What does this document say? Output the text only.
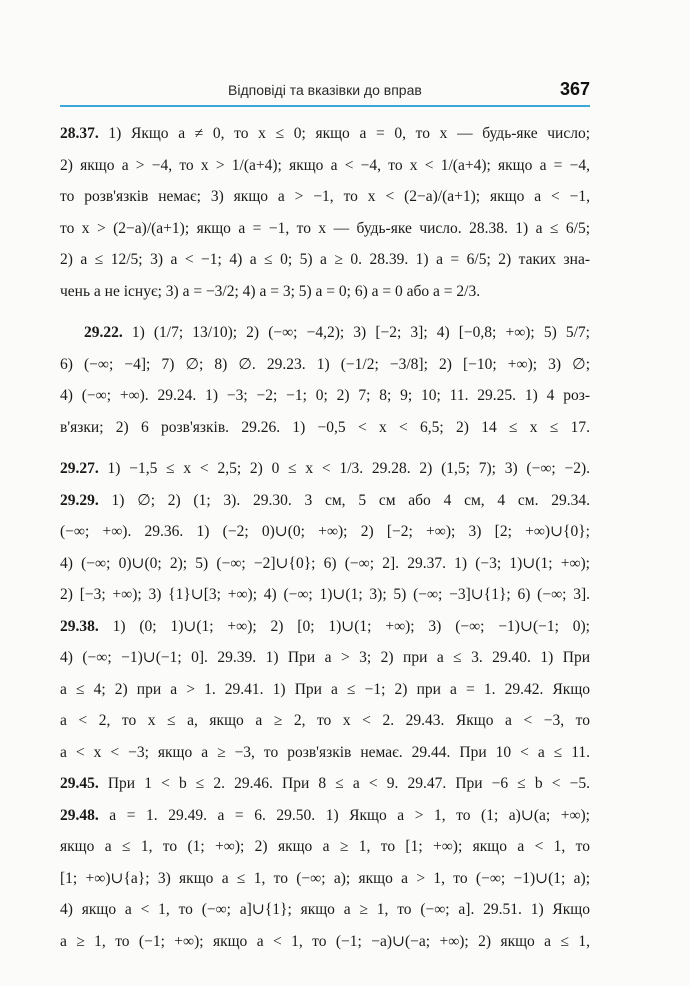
Відповіді та вказівки до вправ	367
28.37. 1) Якщо a ≠ 0, то x ≤ 0; якщо a = 0, то x — будь-яке число;
2) якщо a > −4, то x > 1/(a+4); якщо a < −4, то x < 1/(a+4); якщо a = −4,
то розв'язків немає; 3) якщо a > −1, то x < (2−a)/(a+1); якщо a < −1,
то x > (2−a)/(a+1); якщо a = −1, то x — будь-яке число. 28.38. 1) a ≤ 6/5;
2) a ≤ 12/5; 3) a < −1; 4) a ≤ 0; 5) a ≥ 0. 28.39. 1) a = 6/5; 2) таких зна-
чень a не існує; 3) a = −3/2; 4) a = 3; 5) a = 0; 6) a = 0 або a = 2/3.
29.22. 1) (1/7; 13/10); 2) (−∞; −4,2); 3) [−2; 3]; 4) [−0,8; +∞); 5) 5/7;
6) (−∞; −4]; 7) ∅; 8) ∅. 29.23. 1) (−1/2; −3/8]; 2) [−10; +∞); 3) ∅;
4) (−∞; +∞). 29.24. 1) −3; −2; −1; 0; 2) 7; 8; 9; 10; 11. 29.25. 1) 4 роз-
в'язки; 2) 6 розв'язків. 29.26. 1) −0,5 < x < 6,5; 2) 14 ≤ x ≤ 17.
29.27. 1) −1,5 ≤ x < 2,5; 2) 0 ≤ x < 1/3. 29.28. 2) (1,5; 7); 3) (−∞; −2).
29.29. 1) ∅; 2) (1; 3). 29.30. 3 см, 5 см або 4 см, 4 см. 29.34.
(−∞; +∞). 29.36. 1) (−2; 0)∪(0; +∞); 2) [−2; +∞); 3) [2; +∞)∪{0};
4) (−∞; 0)∪(0; 2); 5) (−∞; −2]∪{0}; 6) (−∞; 2]. 29.37. 1) (−3; 1)∪(1; +∞);
2) [−3; +∞); 3) {1}∪[3; +∞); 4) (−∞; 1)∪(1; 3); 5) (−∞; −3]∪{1}; 6) (−∞; 3].
29.38. 1) (0; 1)∪(1; +∞); 2) [0; 1)∪(1; +∞); 3) (−∞; −1)∪(−1; 0);
4) (−∞; −1)∪(−1; 0]. 29.39. 1) При a > 3; 2) при a ≤ 3. 29.40. 1) При
a ≤ 4; 2) при a > 1. 29.41. 1) При a ≤ −1; 2) при a = 1. 29.42. Якщо
a < 2, то x ≤ a, якщо a ≥ 2, то x < 2. 29.43. Якщо a < −3, то
a < x < −3; якщо a ≥ −3, то розв'язків немає. 29.44. При 10 < a ≤ 11.
29.45. При 1 < b ≤ 2. 29.46. При 8 ≤ a < 9. 29.47. При −6 ≤ b < −5.
29.48. a = 1. 29.49. a = 6. 29.50. 1) Якщо a > 1, то (1; a)∪(a; +∞);
якщо a ≤ 1, то (1; +∞); 2) якщо a ≥ 1, то [1; +∞); якщо a < 1, то
[1; +∞)∪{a}; 3) якщо a ≤ 1, то (−∞; a); якщо a > 1, то (−∞; −1)∪(1; a);
4) якщо a < 1, то (−∞; a]∪{1}; якщо a ≥ 1, то (−∞; a]. 29.51. 1) Якщо
a ≥ 1, то (−1; +∞); якщо a < 1, то (−1; −a)∪(−a; +∞); 2) якщо a ≤ 1,
